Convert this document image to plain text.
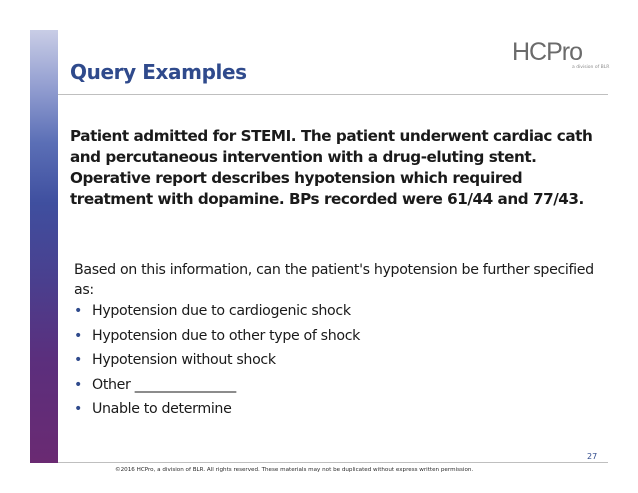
Query Examples
HCPro
a division of BLR
Patient admitted for STEMI. The patient underwent cardiac cath and percutaneous intervention with a drug-eluting stent. Operative report describes hypotension which required treatment with dopamine. BPs recorded were 61/44 and 77/43.
Based on this information, can the patient's hypotension be further specified as:
• Hypotension due to cardiogenic shock
• Hypotension due to other type of shock
• Hypotension without shock
• Other _______________
• Unable to determine
27
©2016 HCPro, a division of BLR. All rights reserved. These materials may not be duplicated without express written permission.
